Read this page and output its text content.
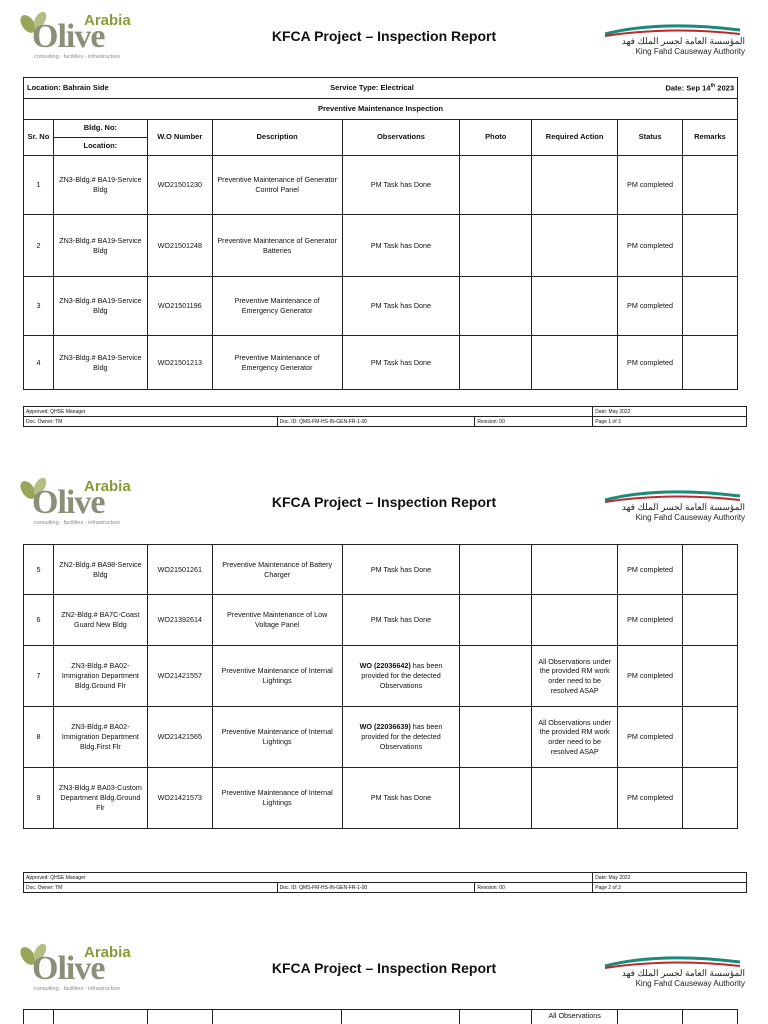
Olive
Arabia
consulting · facilities · infrastructure
KFCA Project – Inspection Report	المؤسسة العامة لجسر الملك فهد
King Fahd Causeway Authority
Location: Bahrain Side			Service Type: Electrical			Date: Sep 14th 2023		
Preventive Maintenance Inspection								
Sr. No	Bldg. No:	W.O Number	Description	Observations	Photo	Required Action	Status	Remarks
	Location:							
1	ZN3-Bldg.# BA19-Service Bldg	WO21501230	Preventive Maintenance of Generator Control Panel	PM Task has Done			PM completed	
2	ZN3-Bldg.# BA19-Service Bldg	WO21501248	Preventive Maintenance of Generator Batteries	PM Task has Done			PM completed	
3	ZN3-Bldg.# BA19-Service Bldg	WO21501196	Preventive Maintenance of Emergency Generator	PM Task has Done			PM completed	
4	ZN3-Bldg.# BA19-Service Bldg	WO21501213	Preventive Maintenance of Emergency Generator	PM Task has Done			PM completed	
Approved: QHSE Manager			Date: May 2022
Doc. Owner: TM	Doc. ID: QMS-FM-HS-IN-GEN-FR-1-00	Revision: 00	Page 1 of 3
Olive
Arabia
consulting · facilities · infrastructure
KFCA Project – Inspection Report	المؤسسة العامة لجسر الملك فهد
King Fahd Causeway Authority
5	ZN2-Bldg.# BA98-Service Bldg	WO21501261	Preventive Maintenance of Battery Charger	PM Task has Done			PM completed	
6	ZN2-Bldg.# BA7C-Coast Guard New Bldg	WO21392614	Preventive Maintenance of Low Voltage Panel	PM Task has Done			PM completed	
7	ZN3-Bldg.# BA02-Immigration Department Bldg.Ground Flr	WO21421557	Preventive Maintenance of Internal Lightings	WO (22036642) has been provided for the detected Observations		All Observations under the provided RM work order need to be resolved ASAP	PM completed	
8	ZN3-Bldg.# BA02-Immigration Department Bldg.First Flr	WO21421565	Preventive Maintenance of Internal Lightings	WO (22036639) has been provided for the detected Observations		All Observations under the provided RM work order need to be resolved ASAP	PM completed	
9	ZN3-Bldg.# BA03-Custom Department Bldg.Ground Flr	WO21421573	Preventive Maintenance of Internal Lightings	PM Task has Done			PM completed	
Approved: QHSE Manager			Date: May 2022
Doc. Owner: TM	Doc. ID: QMS-FM-HS-IN-GEN-FR-1-00	Revision: 00	Page 2 of 3
Olive
Arabia
consulting · facilities · infrastructure
KFCA Project – Inspection Report	المؤسسة العامة لجسر الملك فهد
King Fahd Causeway Authority
						All Observations		
